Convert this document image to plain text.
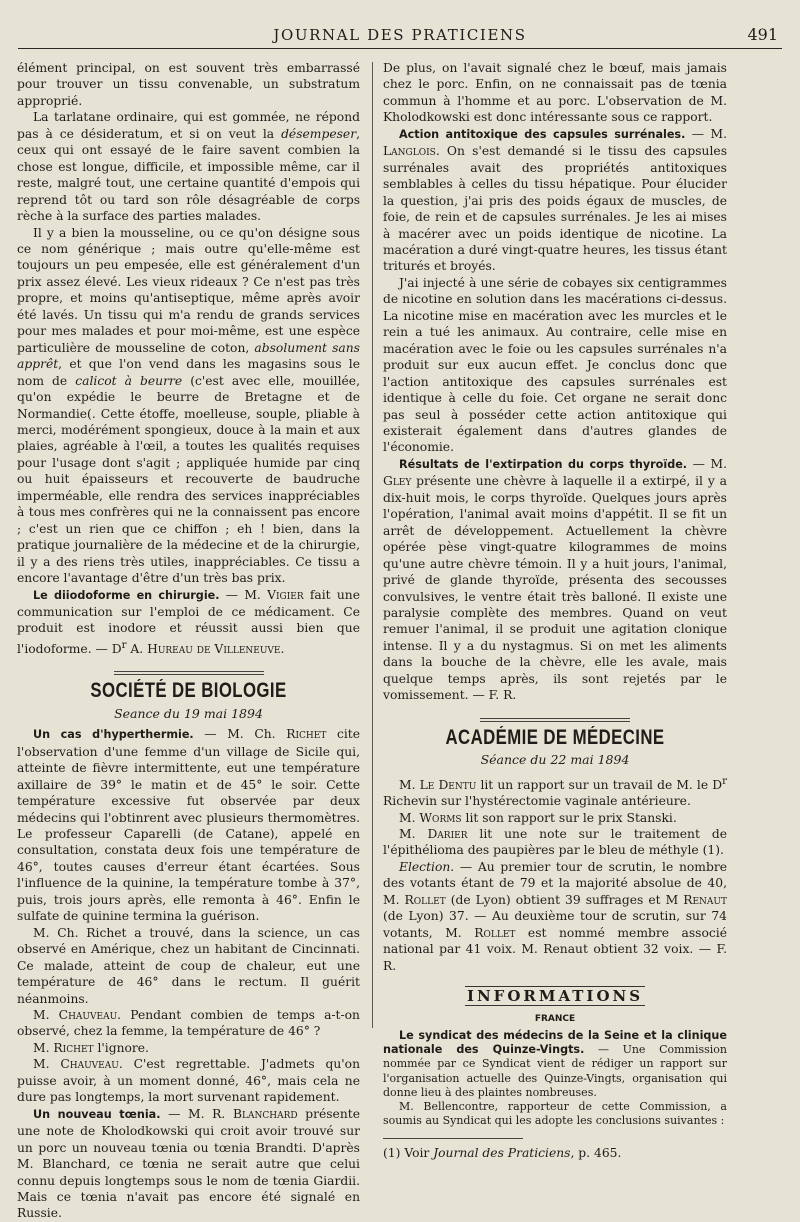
JOURNAL DES PRATICIENS	491

élément principal, on est souvent très embarrassé pour trouver un tissu convenable, un substratum approprié.

La tarlatane ordinaire, qui est gommée, ne répond pas à ce désideratum, et si on veut la désempeser, ceux qui ont essayé de le faire savent combien la chose est longue, difficile, et impossible même, car il reste, malgré tout, une certaine quantité d'empois qui reprend tôt ou tard son rôle désagréable de corps rèche à la surface des parties malades.

Il y a bien la mousseline, ou ce qu'on désigne sous ce nom générique ; mais outre qu'elle-même est toujours un peu empesée, elle est généralement d'un prix assez élevé. Les vieux rideaux ? Ce n'est pas très propre, et moins qu'antiseptique, même après avoir été lavés. Un tissu qui m'a rendu de grands services pour mes malades et pour moi-même, est une espèce particulière de mousseline de coton, absolument sans apprêt, et que l'on vend dans les magasins sous le nom de calicot à beurre (c'est avec elle, mouillée, qu'on expédie le beurre de Bretagne et de Normandie(. Cette étoffe, moelleuse, souple, pliable à merci, modérément spongieux, douce à la main et aux plaies, agréable à l'œil, a toutes les qualités requises pour l'usage dont s'agit ; appliquée humide par cinq ou huit épaisseurs et recouverte de baudruche imperméable, elle rendra des services inappréciables à tous mes confrères qui ne la connaissent pas encore ; c'est un rien que ce chiffon ; eh ! bien, dans la pratique journalière de la médecine et de la chirurgie, il y a des riens très utiles, inappréciables. Ce tissu a encore l'avantage d'être d'un très bas prix.

Le diiodoforme en chirurgie. — M. Vigier fait une communication sur l'emploi de ce médicament. Ce produit est inodore et réussit aussi bien que l'iodoforme. — $D^r$ A. Hureau de Villeneuve.

SOCIÉTÉ DE BIOLOGIE
Seance du 19 mai 1894

Un cas d'hyperthermie. — M. Ch. Richet cite l'observation d'une femme d'un village de Sicile qui, atteinte de fièvre intermittente, eut une température axillaire de 39° le matin et de 45° le soir. Cette température excessive fut observée par deux médecins qui l'obtinrent avec plusieurs thermomètres. Le professeur Caparelli (de Catane), appelé en consultation, constata deux fois une température de 46°, toutes causes d'erreur étant écartées. Sous l'influence de la quinine, la température tombe à 37°, puis, trois jours après, elle remonta à 46°. Enfin le sulfate de quinine termina la guérison.

M. Ch. Richet a trouvé, dans la science, un cas observé en Amérique, chez un habitant de Cincinnati. Ce malade, atteint de coup de chaleur, eut une température de 46° dans le rectum. Il guérit néanmoins.

M. Chauveau. Pendant combien de temps a-t-on observé, chez la femme, la température de 46° ?

M. Richet l'ignore.

M. Chauveau. C'est regrettable. J'admets qu'on puisse avoir, à un moment donné, 46°, mais cela ne dure pas longtemps, la mort survenant rapidement.

Un nouveau tœnia. — M. R. Blanchard présente une note de Kholodkowski qui croit avoir trouvé sur un porc un nouveau tœnia ou tœnia Brandti. D'après M. Blanchard, ce tœnia ne serait autre que celui connu depuis longtemps sous le nom de tœnia Giardii. Mais ce tœnia n'avait pas encore été signalé en Russie.

De plus, on l'avait signalé chez le bœuf, mais jamais chez le porc. Enfin, on ne connaissait pas de tœnia commun à l'homme et au porc. L'observation de M. Kholodkowski est donc intéressante sous ce rapport.

Action antitoxique des capsules surrénales. — M. Langlois. On s'est demandé si le tissu des capsules surrénales avait des propriétés antitoxiques semblables à celles du tissu hépatique. Pour élucider la question, j'ai pris des poids égaux de muscles, de foie, de rein et de capsules surrénales. Je les ai mises à macérer avec un poids identique de nicotine. La macération a duré vingt-quatre heures, les tissus étant triturés et broyés.

J'ai injecté à une série de cobayes six centigrammes de nicotine en solution dans les macérations ci-dessus. La nicotine mise en macération avec les murcles et le rein a tué les animaux. Au contraire, celle mise en macération avec le foie ou les capsules surrénales n'a produit sur eux aucun effet. Je conclus donc que l'action antitoxique des capsules surrénales est identique à celle du foie. Cet organe ne serait donc pas seul à posséder cette action antitoxique qui existerait également dans d'autres glandes de l'économie.

Résultats de l'extirpation du corps thyroïde. — M. Gley présente une chèvre à laquelle il a extirpé, il y a dix-huit mois, le corps thyroïde. Quelques jours après l'opération, l'animal avait moins d'appétit. Il se fit un arrêt de développement. Actuellement la chèvre opérée pèse vingt-quatre kilogrammes de moins qu'une autre chèvre témoin. Il y a huit jours, l'animal, privé de glande thyroïde, présenta des secousses convulsives, le ventre était très balloné. Il existe une paralysie complète des membres. Quand on veut remuer l'animal, il se produit une agitation clonique intense. Il y a du nystagmus. Si on met les aliments dans la bouche de la chèvre, elle les avale, mais quelque temps après, ils sont rejetés par le vomissement. — F. R.

ACADÉMIE DE MÉDECINE
Séance du 22 mai 1894

M. Le Dentu lit un rapport sur un travail de M. le $D^r$ Richevin sur l'hystérectomie vaginale antérieure.

M. Worms lit son rapport sur le prix Stanski.

M. Darier lit une note sur le traitement de l'épithélioma des paupières par le bleu de méthyle (1).

Election. — Au premier tour de scrutin, le nombre des votants étant de 79 et la majorité absolue de 40, M. Rollet (de Lyon) obtient 39 suffrages et M Renaut (de Lyon) 37. — Au deuxième tour de scrutin, sur 74 votants, M. Rollet est nommé membre associé national par 41 voix. M. Renaut obtient 32 voix. — F. R.

INFORMATIONS
FRANCE

Le syndicat des médecins de la Seine et la clinique nationale des Quinze-Vingts. — Une Commission nommée par ce Syndicat vient de rédiger un rapport sur l'organisation actuelle des Quinze-Vingts, organisation qui donne lieu à des plaintes nombreuses.

M. Bellencontre, rapporteur de cette Commission, a soumis au Syndicat qui les adopte les conclusions suivantes :

(1) Voir Journal des Praticiens, p. 465.
